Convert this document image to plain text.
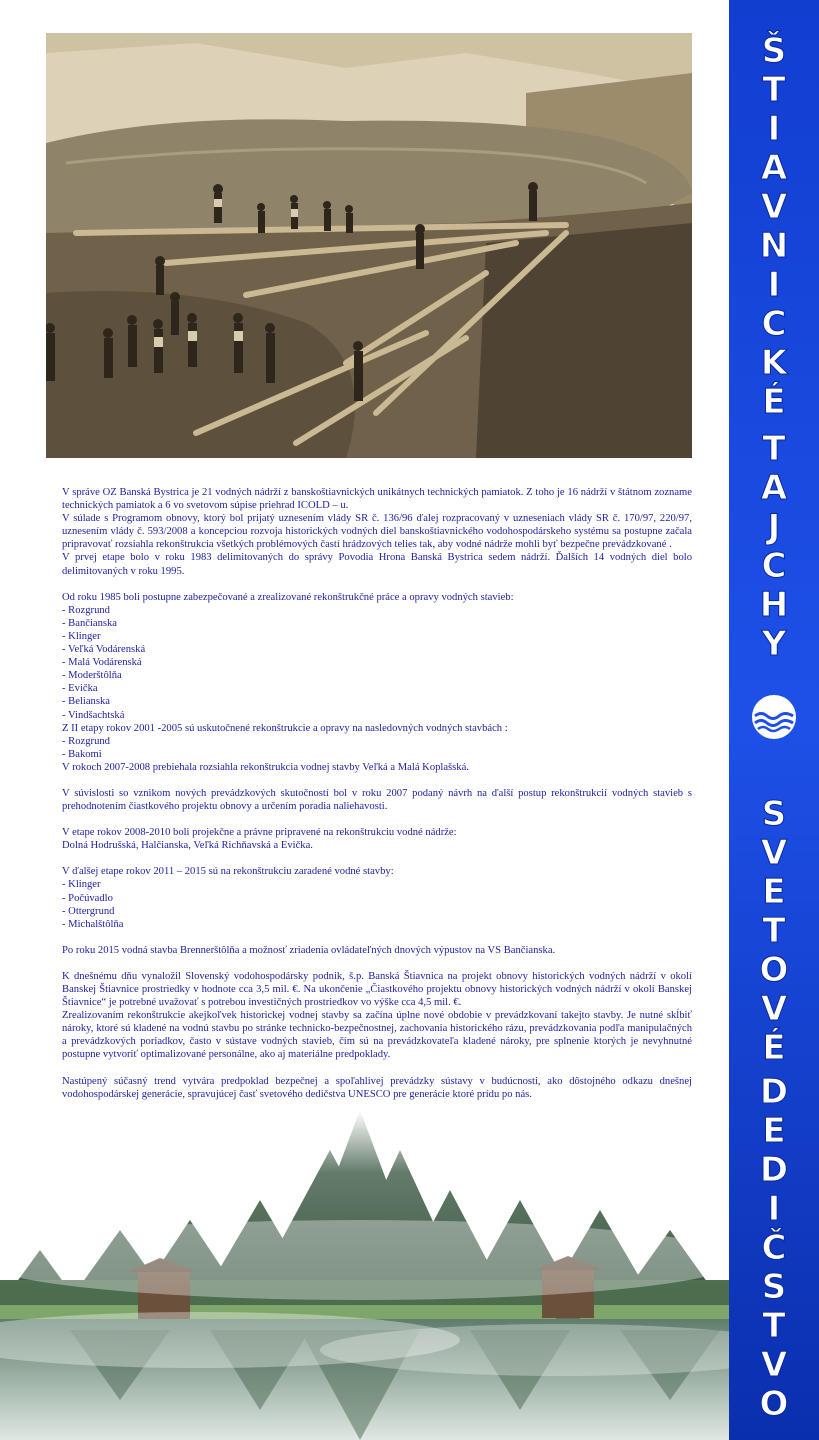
V správe OZ Banská Bystrica je 21 vodných nádrží z banskoštiavnických unikátnych technických pamiatok. Z toho je 16 nádrží v štátnom zozname technických pamiatok a 6 vo svetovom súpise priehrad ICOLD – u.

V súlade s Programom obnovy, ktorý bol prijatý uznesením vlády SR č. 136/96 ďalej rozpracovaný v uzneseniach vlády SR č. 170/97, 220/97, uznesením vlády č. 593/2008 a koncepciou rozvoja historických vodných diel banskoštiavnického vodohospodárskeho systému sa postupne začala pripravovať rozsiahla rekonštrukcia všetkých problémových častí hrádzových telies tak, aby vodné nádrže mohli byť bezpečne prevádzkované .

V prvej etape bolo v roku 1983 delimitovaných do správy Povodia Hrona Banská Bystrica sedem nádrží. Ďalších 14 vodných diel bolo delimitovaných v roku 1995.

Od roku 1985 boli postupne zabezpečované a zrealizované rekonštrukčné práce a opravy vodných stavieb:

- Rozgrund

- Bančianska

- Klinger

- Veľká Vodárenská

- Malá Vodárenská

- Moderštôlňa

- Evička

- Belianska

- Vindšachtská

Z II etapy rokov 2001 -2005 sú uskutočnené rekonštrukcie a opravy na nasledovných vodných stavbách :

- Rozgrund

- Bakomi

V rokoch 2007-2008 prebiehala rozsiahla rekonštrukcia vodnej stavby Veľká a Malá Koplašská.

V súvislosti so vznikom nových prevádzkových skutočností bol v roku 2007 podaný návrh na ďalší postup rekonštrukcií vodných stavieb s prehodnotením čiastkového projektu obnovy a určením poradia naliehavosti.

V etape rokov 2008-2010 boli projekčne a právne pripravené na rekonštrukciu vodné nádrže:

Dolná Hodrušská, Halčianska, Veľká Richňavská a Evička.

V ďalšej etape rokov 2011 – 2015 sú na rekonštrukciu zaradené vodné stavby:

- Klinger

- Počúvadlo

- Ottergrund

- Michalštôlňa

Po roku 2015 vodná stavba Brennerštôlňa a možnosť zriadenia ovládateľných dnových výpustov na VS Bančianska.

K dnešnému dňu vynaložil Slovenský vodohospodársky podnik, š.p. Banská Štiavnica na projekt obnovy historických vodných nádrží v okolí Banskej Štiavnice prostriedky v hodnote cca 3,5 mil. €. Na ukončenie „Čiastkového projektu obnovy historických vodných nádrží v okolí Banskej Štiavnice“ je potrebné uvažovať s potrebou investičných prostriedkov vo výške cca 4,5 mil. €.

Zrealizovaním rekonštrukcie akejkoľvek historickej vodnej stavby sa začína úplne nové obdobie v prevádzkovaní takejto stavby. Je nutné skĺbiť nároky, ktoré sú kladené na vodnú stavbu po stránke technicko-bezpečnostnej, zachovania historického rázu, prevádzkovania podľa manipulačných a prevádzkových poriadkov, často v sústave vodných stavieb, čím sú na prevádzkovateľa kladené nároky, pre splnenie ktorých je nevyhnutné postupne vytvoriť optimalizované personálne, ako aj materiálne predpoklady.

Nastúpený súčasný trend vytvára predpoklad bezpečnej a spoľahlivej prevádzky sústavy v budúcnosti, ako dôstojného odkazu dnešnej vodohospodárskej generácie, spravujúcej časť svetového dedičstva UNESCO pre generácie ktoré prídu po nás.

Š
T
I
A
V
N
I
C
K
É
T
A
J
C
H
Y
S
V
E
T
O
V
É
D
E
D
I
Č
S
T
V
O
